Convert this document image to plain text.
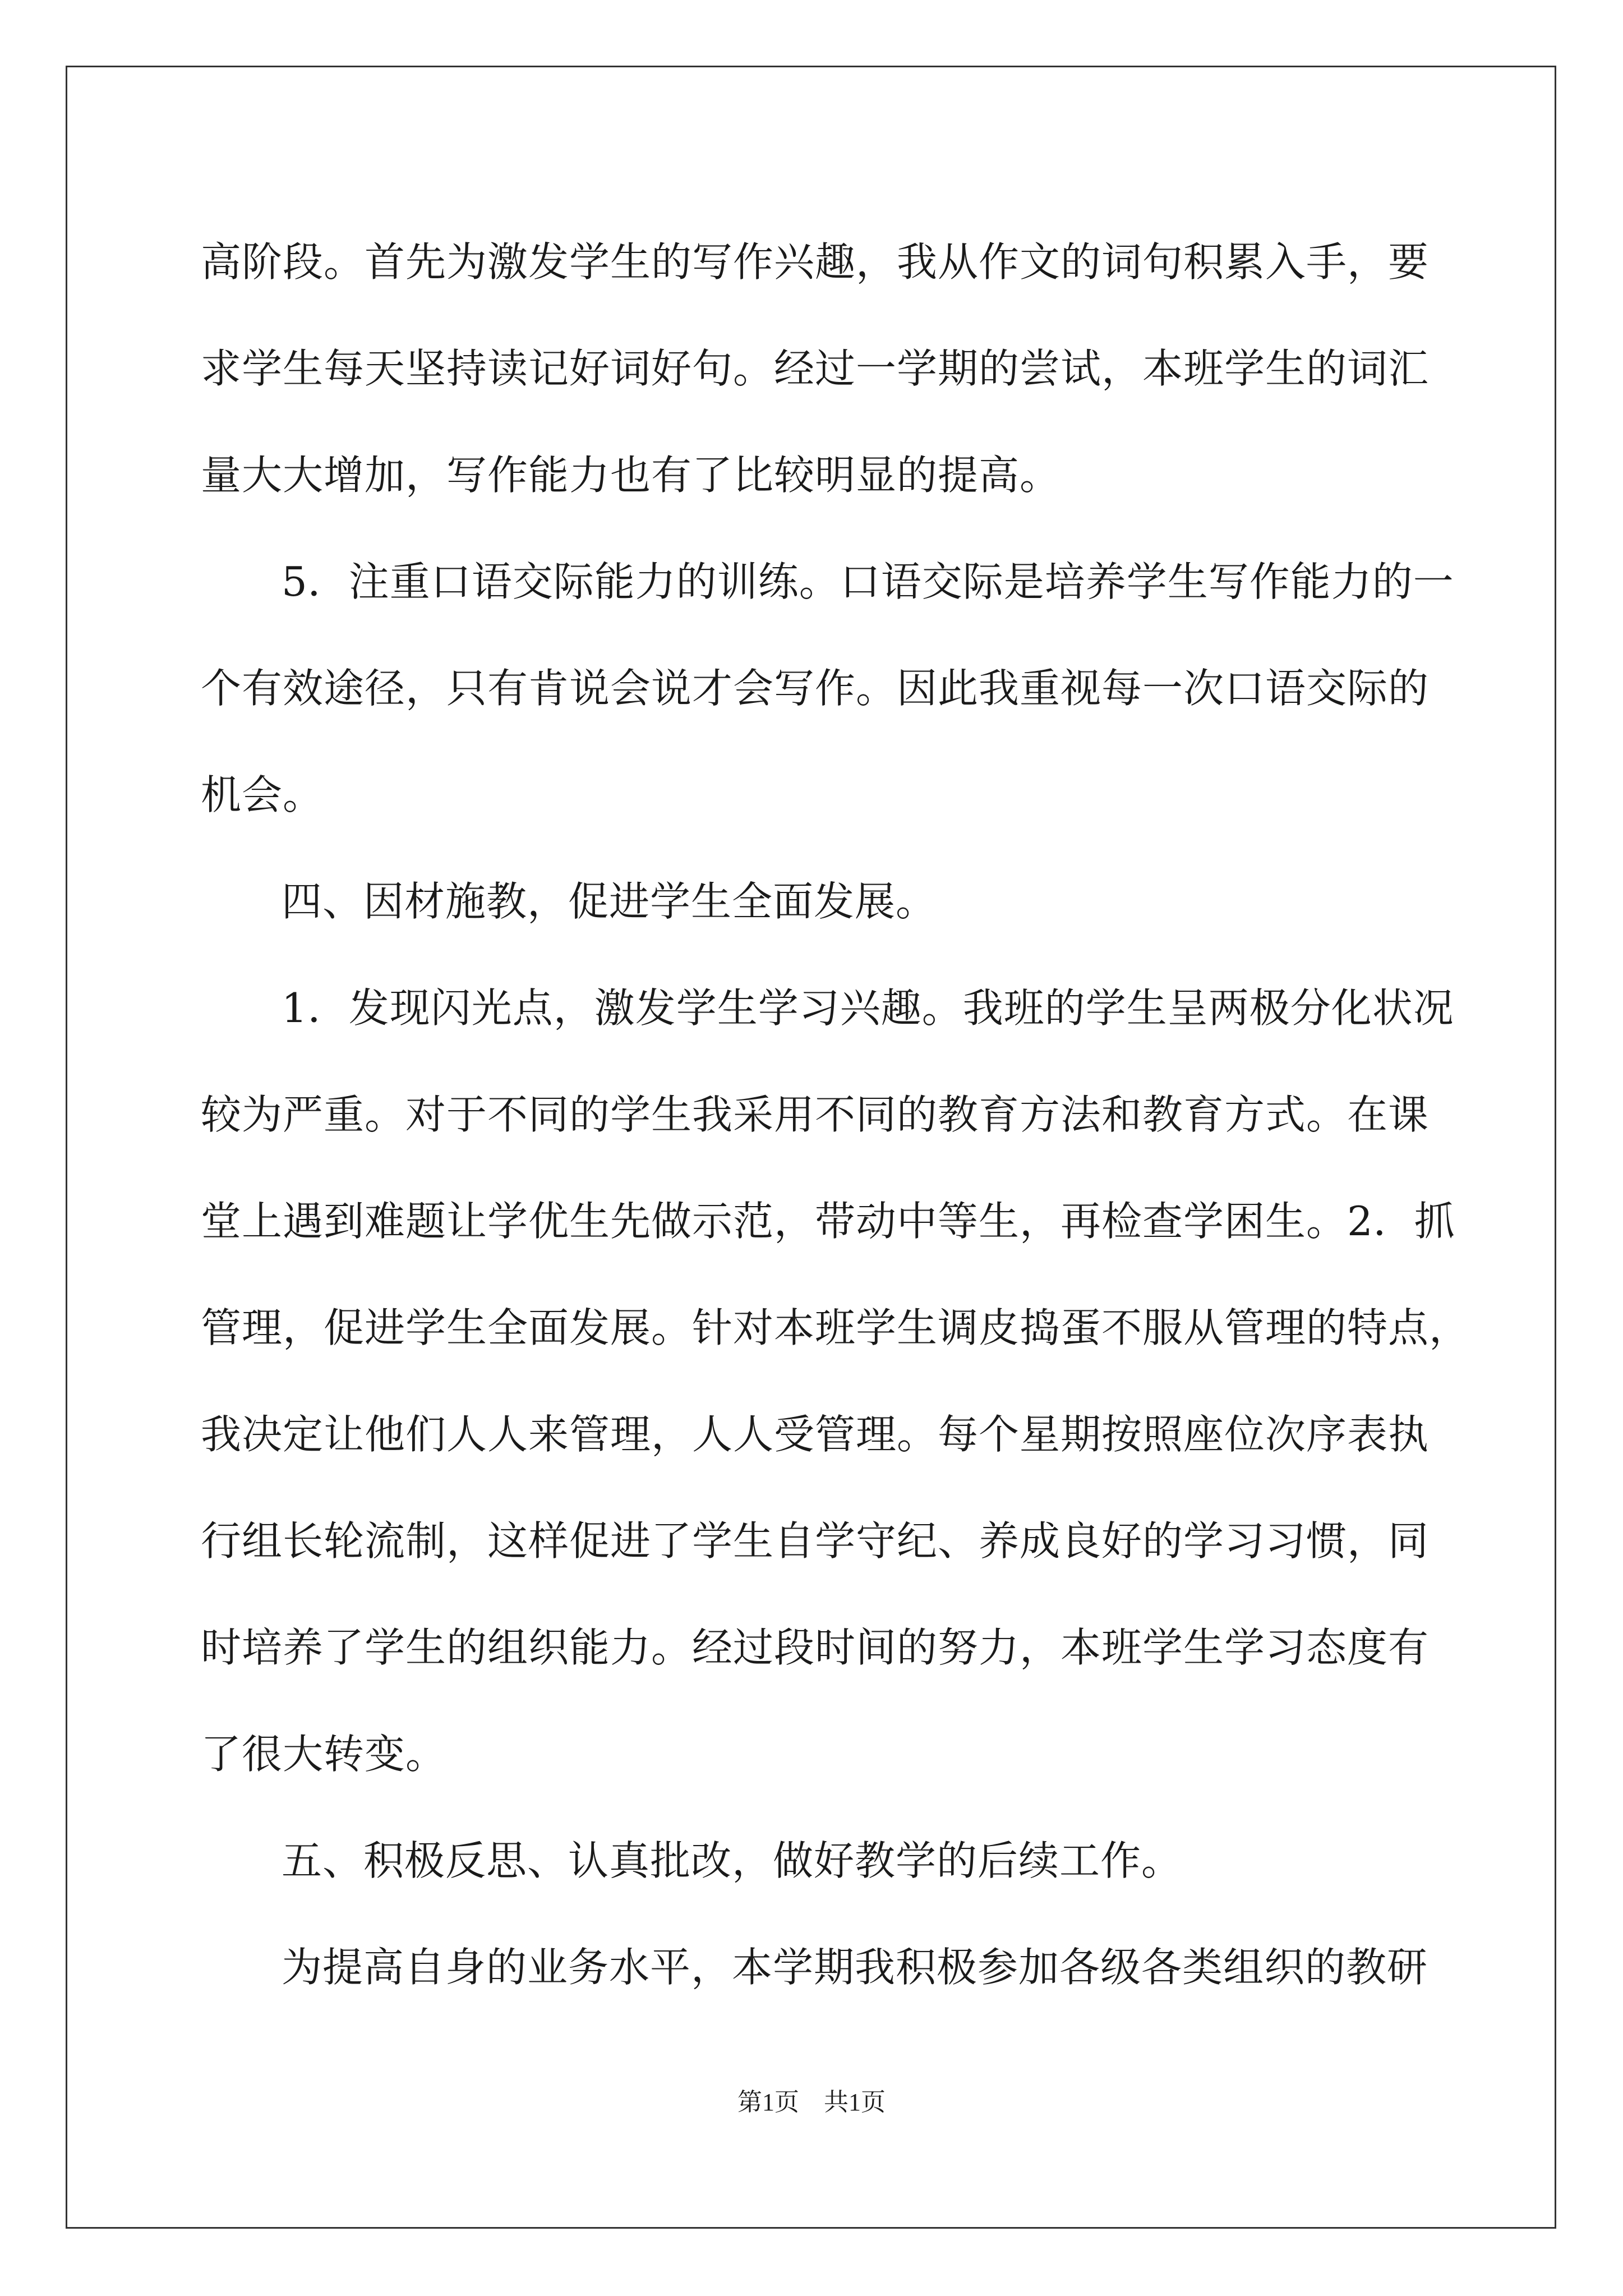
高阶段。首先为激发学生的写作兴趣，我从作文的词句积累入手，要
求学生每天坚持读记好词好句。经过一学期的尝试，本班学生的词汇
量大大增加，写作能力也有了比较明显的提高。
5．注重口语交际能力的训练。口语交际是培养学生写作能力的一
个有效途径，只有肯说会说才会写作。因此我重视每一次口语交际的
机会。
四、因材施教，促进学生全面发展。
1．发现闪光点，激发学生学习兴趣。我班的学生呈两极分化状况
较为严重。对于不同的学生我采用不同的教育方法和教育方式。在课
堂上遇到难题让学优生先做示范，带动中等生，再检查学困生。2．抓
管理，促进学生全面发展。针对本班学生调皮捣蛋不服从管理的特点，
我决定让他们人人来管理，人人受管理。每个星期按照座位次序表执
行组长轮流制，这样促进了学生自学守纪、养成良好的学习习惯，同
时培养了学生的组织能力。经过段时间的努力，本班学生学习态度有
了很大转变。
五、积极反思、认真批改，做好教学的后续工作。
为提高自身的业务水平，本学期我积极参加各级各类组织的教研
第1页 共1页
